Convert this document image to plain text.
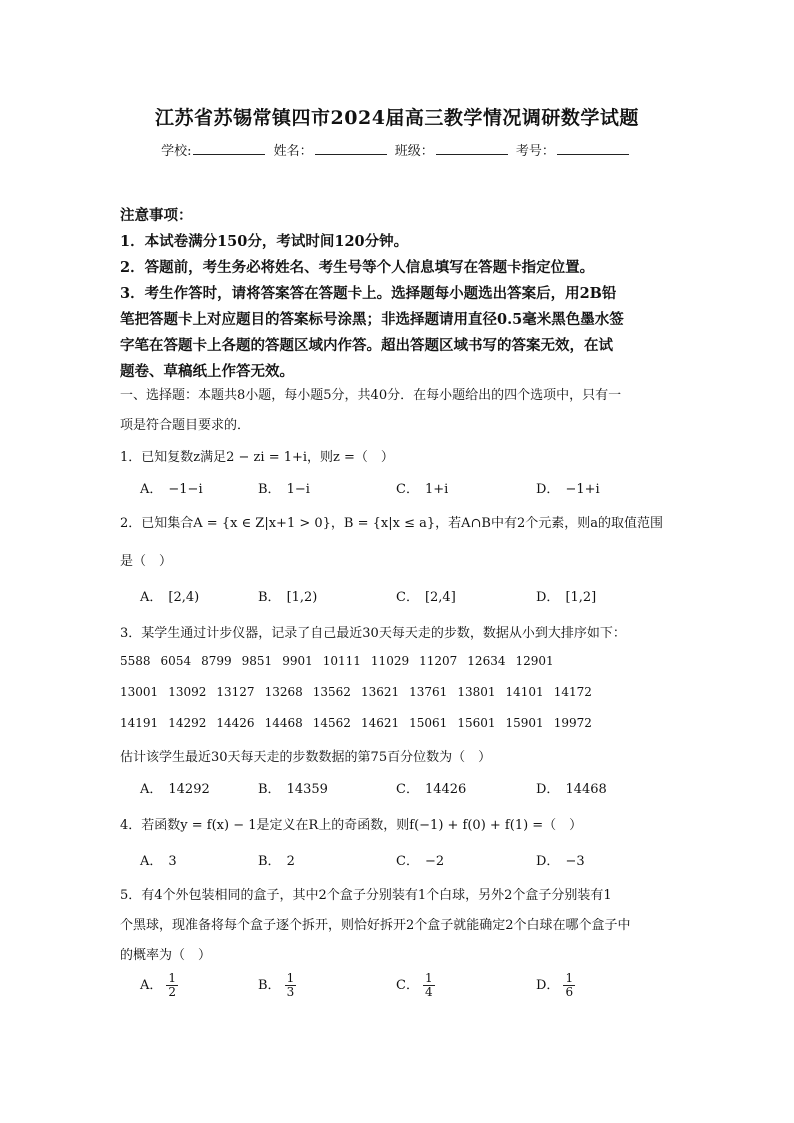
江苏省苏锡常镇四市2024届高三教学情况调研数学试题
学校:	姓名：	班级：	考号：
注意事项：
1．本试卷满分150分，考试时间120分钟。
2．答题前，考生务必将姓名、考生号等个人信息填写在答题卡指定位置。
3．考生作答时，请将答案答在答题卡上。选择题每小题选出答案后，用2B铅
笔把答题卡上对应题目的答案标号涂黑；非选择题请用直径0.5毫米黑色墨水签
字笔在答题卡上各题的答题区域内作答。超出答题区域书写的答案无效，在试
题卷、草稿纸上作答无效。
一、选择题：本题共8小题，每小题5分，共40分．在每小题给出的四个选项中，只有一
项是符合题目要求的．
1．已知复数z满足2 − zi = 1+i，则z =（　）
A． −1−i	B． 1−i	C． 1+i	D． −1+i
2．已知集合A = {x ∈ Z|x+1 > 0}，B = {x|x ≤ a}，若A∩B中有2个元素，则a的取值范围
是（　）
A． [2,4)	B． [1,2)	C． [2,4]	D． [1,2]
3．某学生通过计步仪器，记录了自己最近30天每天走的步数，数据从小到大排序如下：
5588 6054 8799 9851 9901 10111 11029 11207 12634 12901
13001 13092 13127 13268 13562 13621 13761 13801 14101 14172
14191 14292 14426 14468 14562 14621 15061 15601 15901 19972
估计该学生最近30天每天走的步数数据的第75百分位数为（　）
A． 14292	B． 14359	C． 14426	D． 14468
4．若函数y = f(x) − 1是定义在R上的奇函数，则f(−1) + f(0) + f(1) =（　）
A． 3	B． 2	C． −2	D． −3
5．有4个外包装相同的盒子，其中2个盒子分别装有1个白球，另外2个盒子分别装有1
个黑球，现准备将每个盒子逐个拆开，则恰好拆开2个盒子就能确定2个白球在哪个盒子中
的概率为（　）
A． $\frac{1}{2}$	B． $\frac{1}{3}$	C． $\frac{1}{4}$	D． $\frac{1}{6}$
